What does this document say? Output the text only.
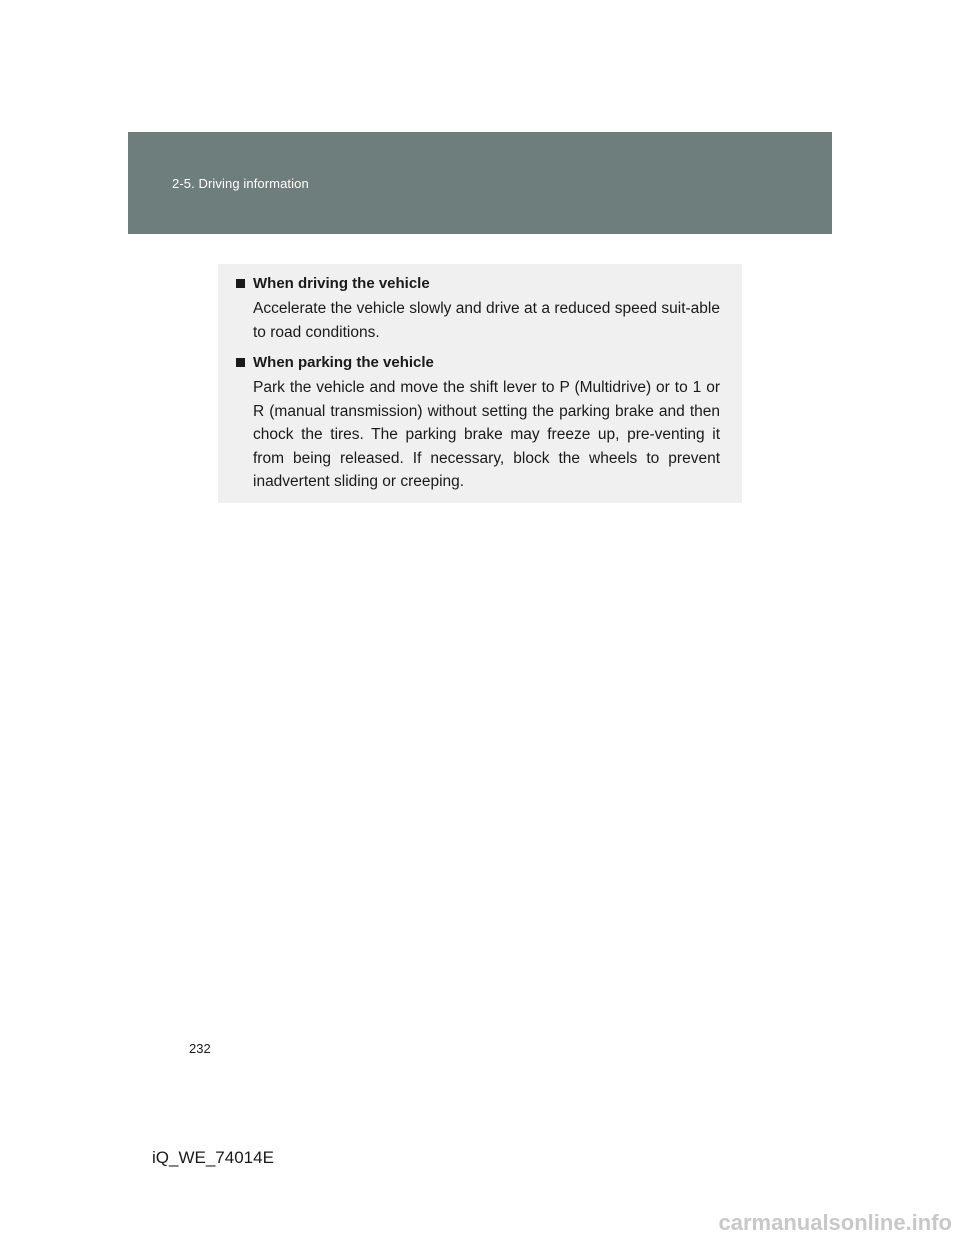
2-5. Driving information
When driving the vehicle
Accelerate the vehicle slowly and drive at a reduced speed suit-able to road conditions.
When parking the vehicle
Park the vehicle and move the shift lever to P (Multidrive) or to 1 or R (manual transmission) without setting the parking brake and then chock the tires. The parking brake may freeze up, pre-venting it from being released. If necessary, block the wheels to prevent inadvertent sliding or creeping.
232
iQ_WE_74014E
carmanualsonline.info
